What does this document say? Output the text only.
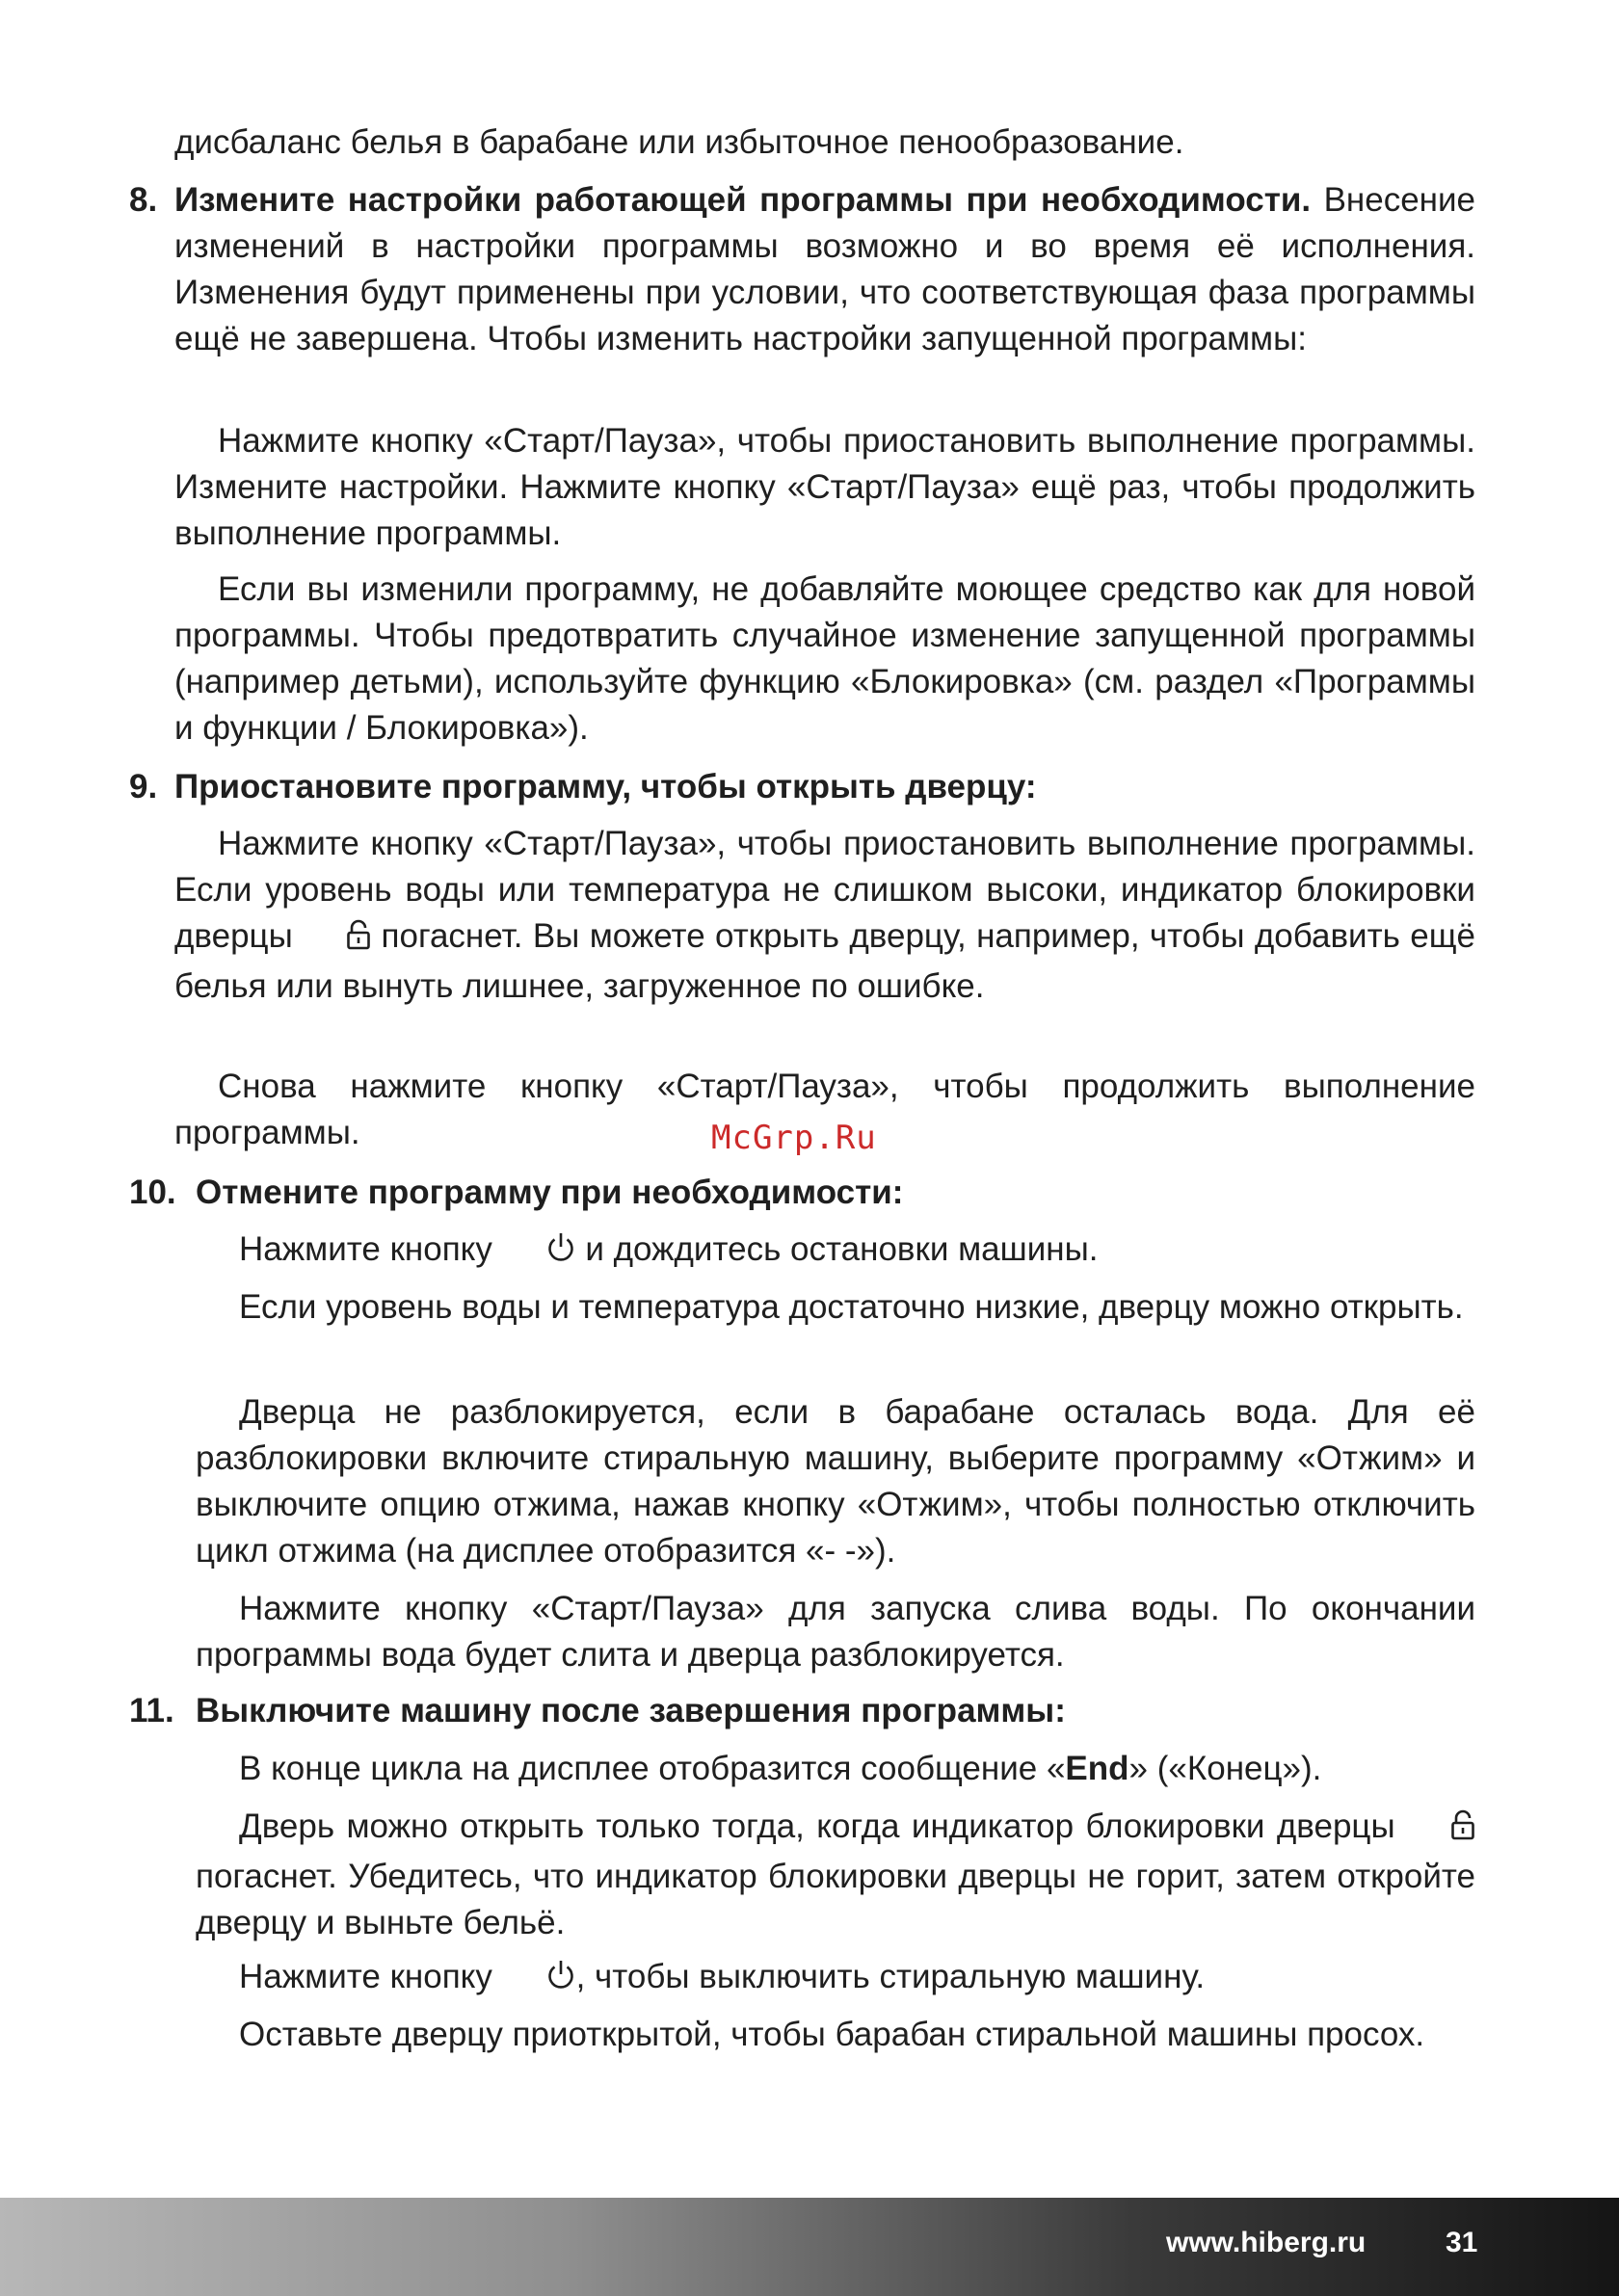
дисбаланс белья в барабане или избыточное пенообразование.

8. Измените настройки работающей программы при необходимости. Внесение изменений в настройки программы возможно и во время её исполнения. Изменения будут применены при условии, что соответствующая фаза программы ещё не завершена. Чтобы изменить настройки запущенной программы:

Нажмите кнопку «Старт/Пауза», чтобы приостановить выполнение программы. Измените настройки. Нажмите кнопку «Старт/Пауза» ещё раз, чтобы продолжить выполнение программы.

Если вы изменили программу, не добавляйте моющее средство как для новой программы. Чтобы предотвратить случайное изменение запущенной программы (например детьми), используйте функцию «Блокировка» (см. раздел «Программы и функции / Блокировка»).

9. Приостановите программу, чтобы открыть дверцу:

Нажмите кнопку «Старт/Пауза», чтобы приостановить выполнение программы. Если уровень воды или температура не слишком высоки, индикатор блокировки дверцы	погаснет. Вы можете открыть дверцу, например, чтобы добавить ещё белья или вынуть лишнее, загруженное по ошибке.

Снова нажмите кнопку «Старт/Пауза», чтобы продолжить выполнение программы.	McGrp.Ru
10. Отмените программу при необходимости:

Нажмите кнопку	и дождитесь остановки машины.

Если уровень воды и температура достаточно низкие, дверцу можно открыть.

Дверца не разблокируется, если в барабане осталась вода. Для её разблокировки включите стиральную машину, выберите программу «Отжим» и выключите опцию отжима, нажав кнопку «Отжим», чтобы полностью отключить цикл отжима (на дисплее отобразится «- -»).

Нажмите кнопку «Старт/Пауза» для запуска слива воды. По окончании программы вода будет слита и дверца разблокируется.

11. Выключите машину после завершения программы:

В конце цикла на дисплее отобразится сообщение «End» («Конец»).

Дверь можно открыть только тогда, когда индикатор блокировки дверцы  погаснет. Убедитесь, что индикатор блокировки дверцы не горит, затем откройте дверцу и выньте бельё.

Нажмите кнопку , чтобы выключить стиральную машину.

Оставьте дверцу приоткрытой, чтобы барабан стиральной машины просох.

www.hiberg.ru	31
